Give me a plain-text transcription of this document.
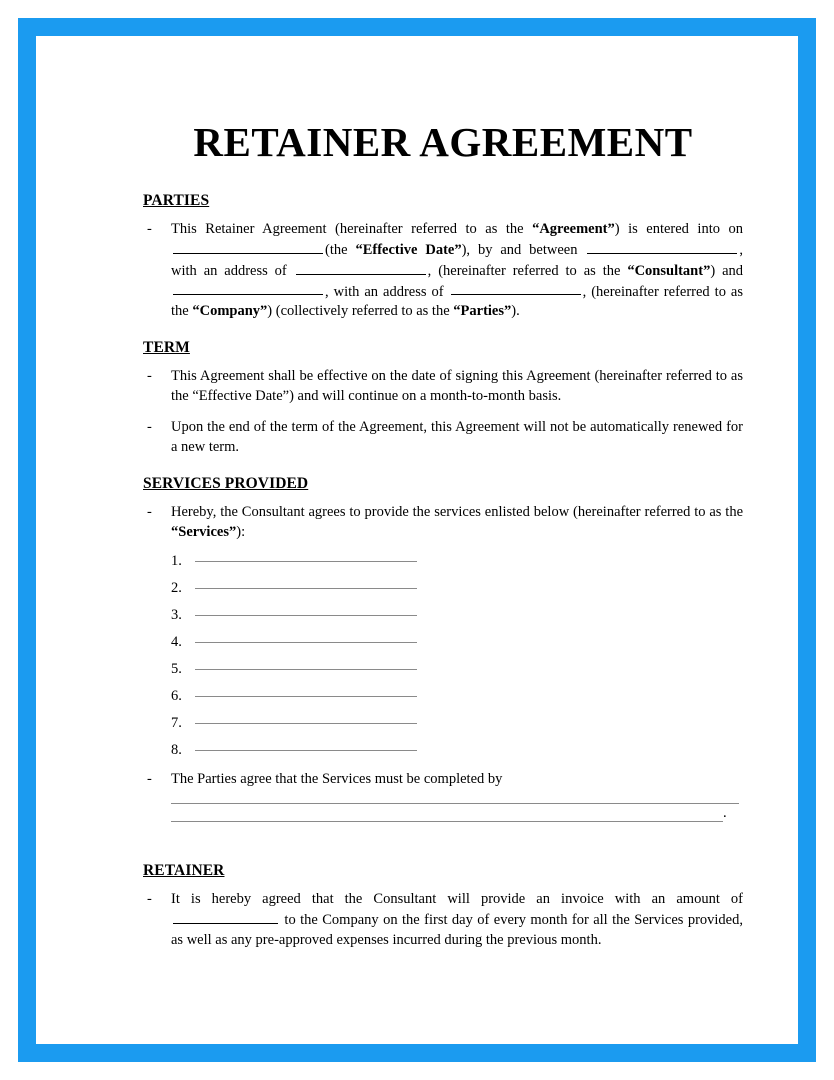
RETAINER AGREEMENT
PARTIES
-	This Retainer Agreement (hereinafter referred to as the “Agreement”) is entered into on (the “Effective Date”), by and between	, with an address of	, (hereinafter referred to as the “Consultant”) and , with an address of	, (hereinafter referred to as the “Company”) (collectively referred to as the “Parties”).
TERM
-	This Agreement shall be effective on the date of signing this Agreement (hereinafter referred to as the “Effective Date”) and will continue on a month-to-month basis.
-	Upon the end of the term of the Agreement, this Agreement will not be automatically renewed for a new term.
SERVICES PROVIDED
-	Hereby, the Consultant agrees to provide the services enlisted below (hereinafter referred to as the “Services”):
1.
2.
3.
4.
5.
6.
7.
8.
-	The Parties agree that the Services must be completed by
.
RETAINER
-	It is hereby agreed that the Consultant will provide an invoice with an amount of  to the Company on the first day of every month for all the Services provided, as well as any pre-approved expenses incurred during the previous month.
